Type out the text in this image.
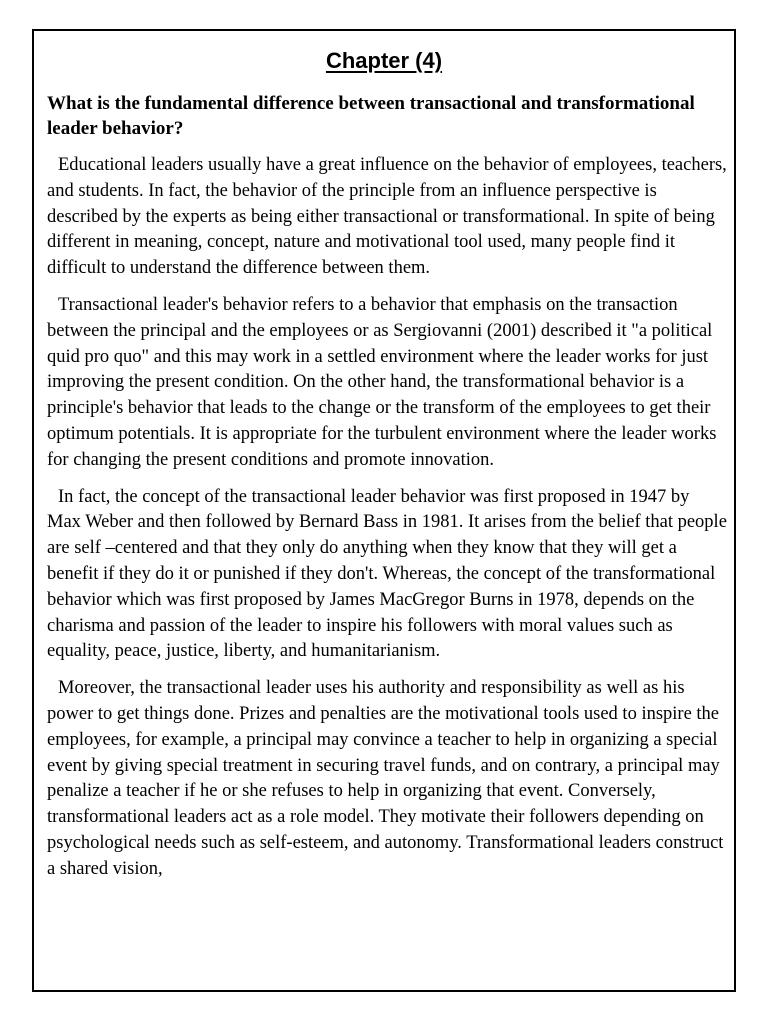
Chapter (4)

What is the fundamental difference between transactional and transformational leader behavior?

Educational leaders usually have a great influence on the behavior of employees, teachers, and students. In fact, the behavior of the principle from an influence perspective is described by the experts as being either transactional or transformational. In spite of being different in meaning, concept, nature and motivational tool used, many people find it difficult to understand the difference between them.

Transactional leader's behavior refers to a behavior that emphasis on the transaction between the principal and the employees or as Sergiovanni (2001) described it "a political quid pro quo" and this may work in a settled environment where the leader works for just improving the present condition. On the other hand, the transformational behavior is a principle's behavior that leads to the change or the transform of the employees to get their optimum potentials. It is appropriate for the turbulent environment where the leader works for changing the present conditions and promote innovation.

In fact, the concept of the transactional leader behavior was first proposed in 1947 by Max Weber and then followed by Bernard Bass in 1981. It arises from the belief that people are self –centered and that they only do anything when they know that they will get a benefit if they do it or punished if they don't. Whereas, the concept of the transformational behavior which was first proposed by James MacGregor Burns in 1978, depends on the charisma and passion of the leader to inspire his followers with moral values such as equality, peace, justice, liberty, and humanitarianism.

Moreover, the transactional leader uses his authority and responsibility as well as his power to get things done. Prizes and penalties are the motivational tools used to inspire the employees, for example, a principal may convince a teacher to help in organizing a special event by giving special treatment in securing travel funds, and on contrary, a principal may penalize a teacher if he or she refuses to help in organizing that event. Conversely, transformational leaders act as a role model. They motivate their followers depending on psychological needs such as self-esteem, and autonomy. Transformational leaders construct a shared vision,
